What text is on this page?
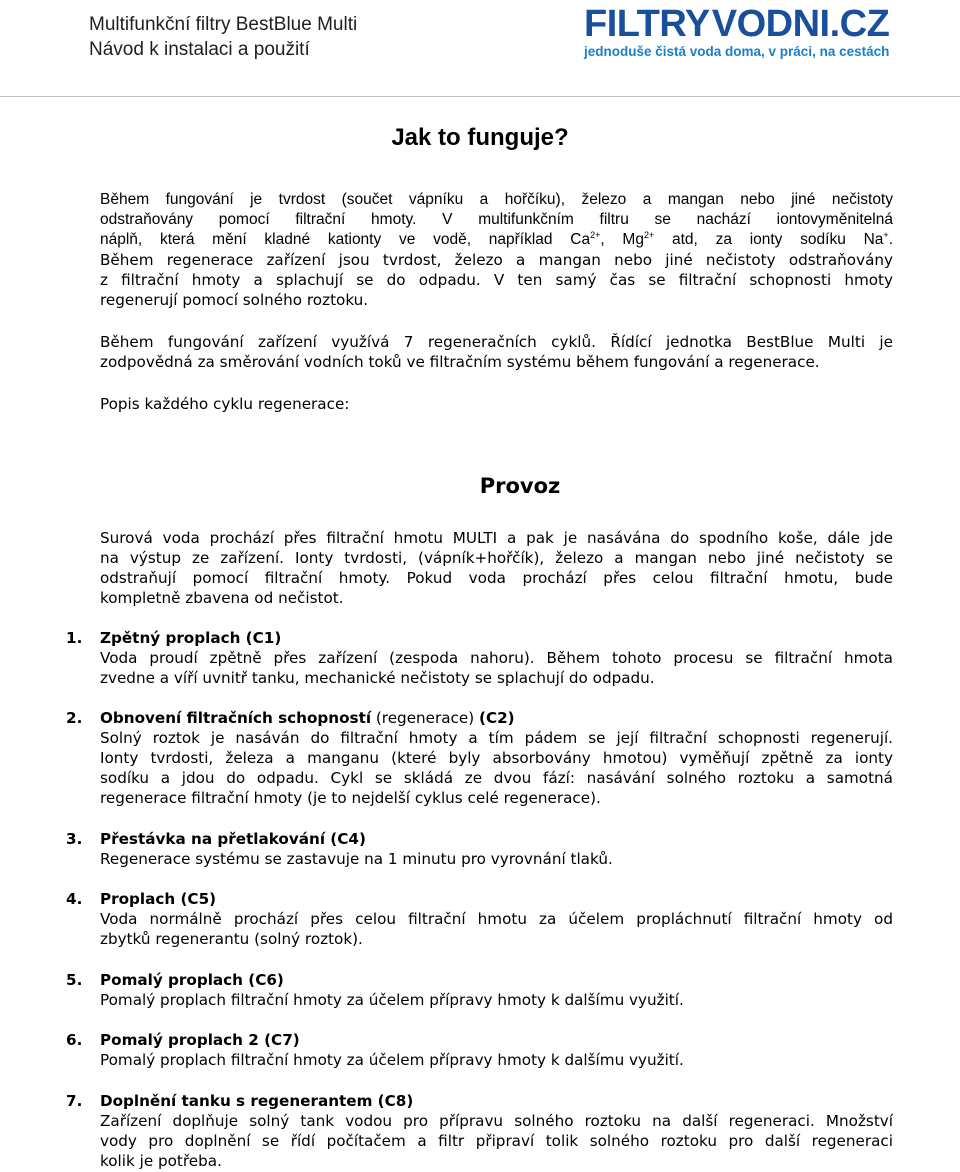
Multifunkční filtry BestBlue Multi
Návod k instalaci a použití
FILTRY VODNI.CZ
jednoduše čistá voda doma, v práci, na cestách
Jak to funguje?
Během fungování je tvrdost (součet vápníku a hořčíku), železo a mangan nebo jiné nečistoty
odstraňovány pomocí filtrační hmoty. V multifunkčním filtru se nachází iontovyměnitelná
náplň, která mění kladné kationty ve vodě, například $Ca^{2+}$, $Mg^{2+}$ atd, za ionty sodíku Na+.
Během regenerace zařízení jsou tvrdost, železo a mangan nebo jiné nečistoty odstraňovány
z filtrační hmoty a splachují se do odpadu. V ten samý čas se filtrační schopnosti hmoty
regenerují pomocí solného roztoku.
Během fungování zařízení využívá 7 regeneračních cyklů. Řídící jednotka BestBlue Multi je
zodpovědná za směrování vodních toků ve filtračním systému během fungování a regenerace.
Popis každého cyklu regenerace:
Provoz
Surová voda prochází přes filtrační hmotu MULTI a pak je nasávána do spodního koše, dále jde
na výstup ze zařízení. Ionty tvrdosti, (vápník+hořčík), železo a mangan nebo jiné nečistoty se
odstraňují pomocí filtrační hmoty. Pokud voda prochází přes celou filtrační hmotu, bude
kompletně zbavena od nečistot.
1. Zpětný proplach (C1)
Voda proudí zpětně přes zařízení (zespoda nahoru). Během tohoto procesu se filtrační hmota
zvedne a víří uvnitř tanku, mechanické nečistoty se splachují do odpadu.
2. Obnovení filtračních schopností (regenerace) (C2)
Solný roztok je nasáván do filtrační hmoty a tím pádem se její filtrační schopnosti regenerují.
Ionty tvrdosti, železa a manganu (které byly absorbovány hmotou) vyměňují zpětně za ionty
sodíku a jdou do odpadu. Cykl se skládá ze dvou fází: nasávání solného roztoku a samotná
regenerace filtrační hmoty (je to nejdelší cyklus celé regenerace).
3. Přestávka na přetlakování (C4)
Regenerace systému se zastavuje na 1 minutu pro vyrovnání tlaků.
4. Proplach (C5)
Voda normálně prochází přes celou filtrační hmotu za účelem propláchnutí filtrační hmoty od
zbytků regenerantu (solný roztok).
5. Pomalý proplach (C6)
Pomalý proplach filtrační hmoty za účelem přípravy hmoty k dalšímu využití.
6. Pomalý proplach 2 (C7)
Pomalý proplach filtrační hmoty za účelem přípravy hmoty k dalšímu využití.
7. Doplnění tanku s regenerantem (C8)
Zařízení doplňuje solný tank vodou pro přípravu solného roztoku na další regeneraci. Množství
vody pro doplnění se řídí počítačem a filtr připraví tolik solného roztoku pro další regeneraci
kolik je potřeba.
